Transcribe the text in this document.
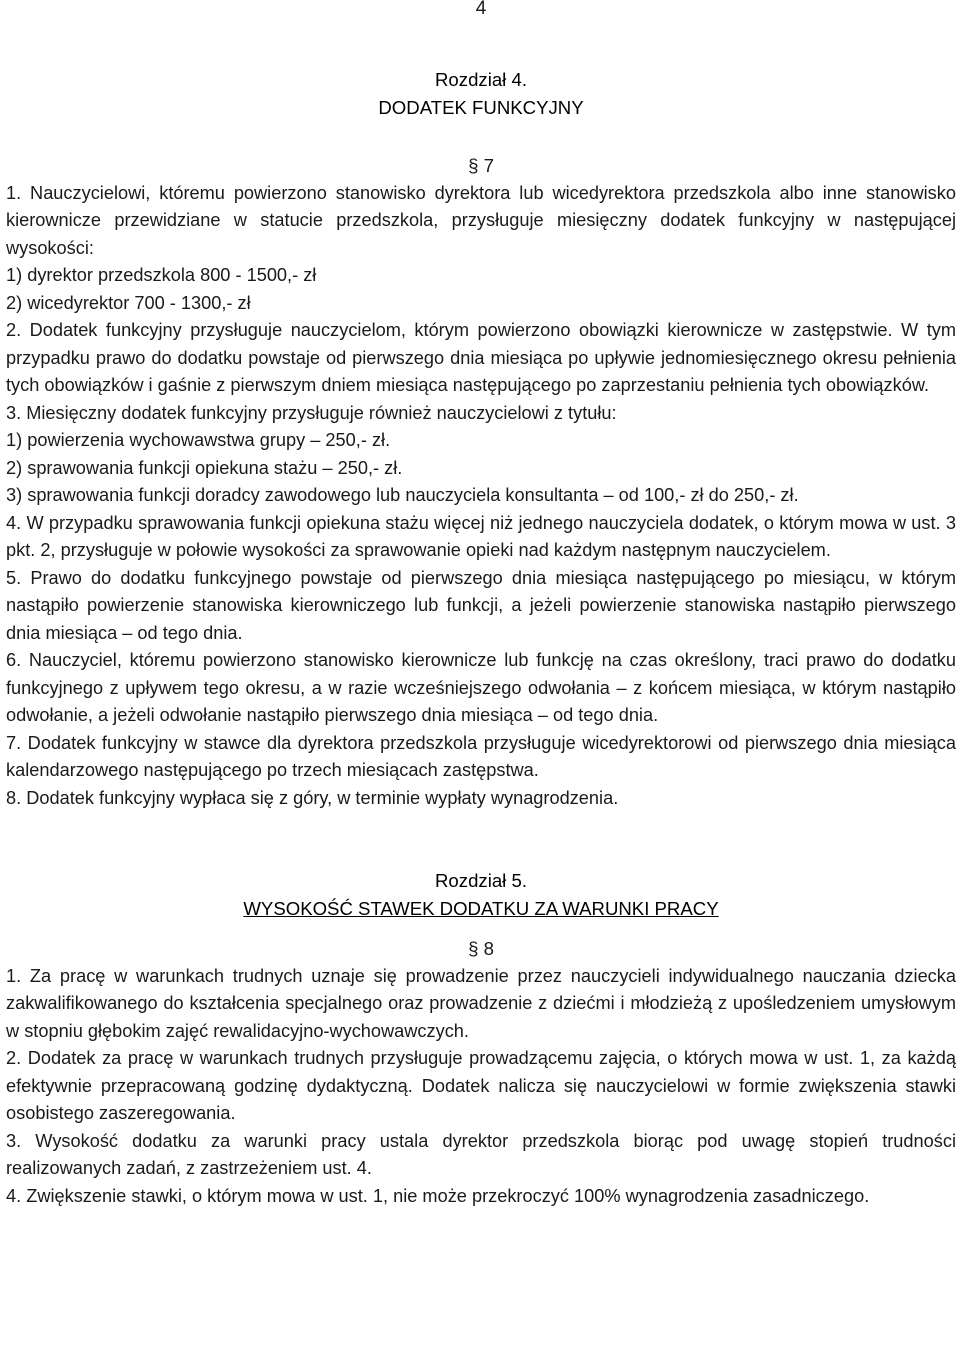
4
Rozdział 4.
DODATEK FUNKCYJNY
§ 7

1. Nauczycielowi, któremu powierzono stanowisko dyrektora lub wicedyrektora przedszkola albo inne stanowisko kierownicze przewidziane w statucie przedszkola, przysługuje miesięczny dodatek funkcyjny w następującej wysokości:

1) dyrektor przedszkola 800 - 1500,- zł

2) wicedyrektor 700 - 1300,- zł

2. Dodatek funkcyjny przysługuje nauczycielom, którym powierzono obowiązki kierownicze w zastępstwie. W tym przypadku prawo do dodatku powstaje od pierwszego dnia miesiąca po upływie jednomiesięcznego okresu pełnienia tych obowiązków i gaśnie z pierwszym dniem miesiąca następującego po zaprzestaniu pełnienia tych obowiązków.

3. Miesięczny dodatek funkcyjny przysługuje również nauczycielowi z tytułu:

1) powierzenia wychowawstwa grupy – 250,- zł.

2) sprawowania funkcji opiekuna stażu – 250,- zł.

3) sprawowania funkcji doradcy zawodowego lub nauczyciela konsultanta – od 100,- zł do 250,- zł.

4. W przypadku sprawowania funkcji opiekuna stażu więcej niż jednego nauczyciela dodatek, o którym mowa w ust. 3 pkt. 2, przysługuje w połowie wysokości za sprawowanie opieki nad każdym następnym nauczycielem.

5. Prawo do dodatku funkcyjnego powstaje od pierwszego dnia miesiąca następującego po miesiącu, w którym nastąpiło powierzenie stanowiska kierowniczego lub funkcji, a jeżeli powierzenie stanowiska nastąpiło pierwszego dnia miesiąca – od tego dnia.

6. Nauczyciel, któremu powierzono stanowisko kierownicze lub funkcję na czas określony, traci prawo do dodatku funkcyjnego z upływem tego okresu, a w razie wcześniejszego odwołania – z końcem miesiąca, w którym nastąpiło odwołanie, a jeżeli odwołanie nastąpiło pierwszego dnia miesiąca – od tego dnia.

7. Dodatek funkcyjny w stawce dla dyrektora przedszkola przysługuje wicedyrektorowi od pierwszego dnia miesiąca kalendarzowego następującego po trzech miesiącach zastępstwa.

8. Dodatek funkcyjny wypłaca się z góry, w terminie wypłaty wynagrodzenia.

Rozdział 5.
WYSOKOŚĆ STAWEK DODATKU ZA WARUNKI PRACY
§ 8

1. Za pracę w warunkach trudnych uznaje się prowadzenie przez nauczycieli indywidualnego nauczania dziecka zakwalifikowanego do kształcenia specjalnego oraz prowadzenie z dziećmi i młodzieżą z upośledzeniem umysłowym w stopniu głębokim zajęć rewalidacyjno-wychowawczych.

2. Dodatek za pracę w warunkach trudnych przysługuje prowadzącemu zajęcia, o których mowa w ust. 1, za każdą efektywnie przepracowaną godzinę dydaktyczną. Dodatek nalicza się nauczycielowi w formie zwiększenia stawki osobistego zaszeregowania.

3. Wysokość dodatku za warunki pracy ustala dyrektor przedszkola biorąc pod uwagę stopień trudności realizowanych zadań, z zastrzeżeniem ust. 4.

4. Zwiększenie stawki, o którym mowa w ust. 1, nie może przekroczyć 100% wynagrodzenia zasadniczego.
